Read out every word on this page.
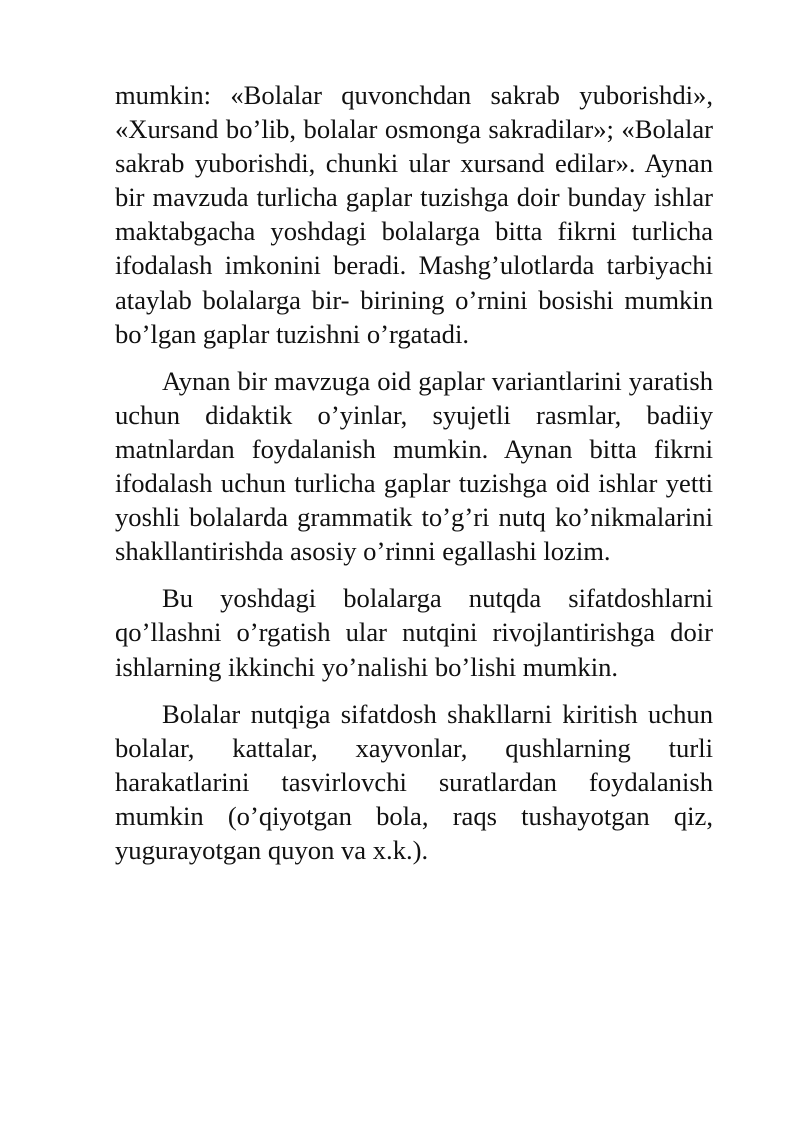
mumkin: «Bolalar quvonchdan sakrab yuborishdi», «Xursand bo’lib, bolalar osmonga sakradilar»; «Bolalar sakrab yuborishdi, chunki ular xursand edilar». Aynan bir mavzuda turlicha gaplar tuzishga doir bunday ishlar maktabgacha yoshdagi bolalarga bitta fikrni turlicha ifodalash imkonini beradi. Mashg’ulotlarda tarbiyachi ataylab bolalarga bir- birining o’rnini bosishi mumkin bo’lgan gaplar tuzishni o’rgatadi.

Aynan bir mavzuga oid gaplar variantlarini yaratish uchun didaktik o’yinlar, syujetli rasmlar, badiiy matnlardan foydalanish mumkin. Aynan bitta fikrni ifodalash uchun turlicha gaplar tuzishga oid ishlar yetti yoshli bolalarda grammatik to’g’ri nutq ko’nikmalarini shakllantirishda asosiy o’rinni egallashi lozim.

Bu yoshdagi bolalarga nutqda sifatdoshlarni qo’llashni o’rgatish ular nutqini rivojlantirishga doir ishlarning ikkinchi yo’nalishi bo’lishi mumkin.

Bolalar nutqiga sifatdosh shakllarni kiritish uchun bolalar, kattalar, xayvonlar, qushlarning turli harakatlarini tasvirlovchi suratlardan foydalanish mumkin (o’qiyotgan bola, raqs tushayotgan qiz, yugurayotgan quyon va x.k.).
